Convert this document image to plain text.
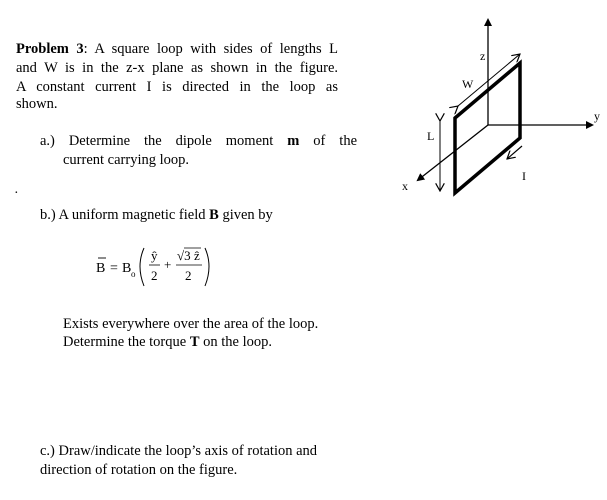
Problem 3: A square loop with sides of lengths L
and W is in the z-x plane as shown in the figure.
A constant current I is directed in the loop as
shown.
a.) Determine the dipole moment m of the
current carrying loop.
·
b.) A uniform magnetic field B given by
B = B o
ŷ
2
+
√3 ẑ
2
Exists everywhere over the area of the loop.
Determine the torque T on the loop.
c.) Draw/indicate the loop’s axis of rotation and
direction of rotation on the figure.
z
y
x
W
L
I
